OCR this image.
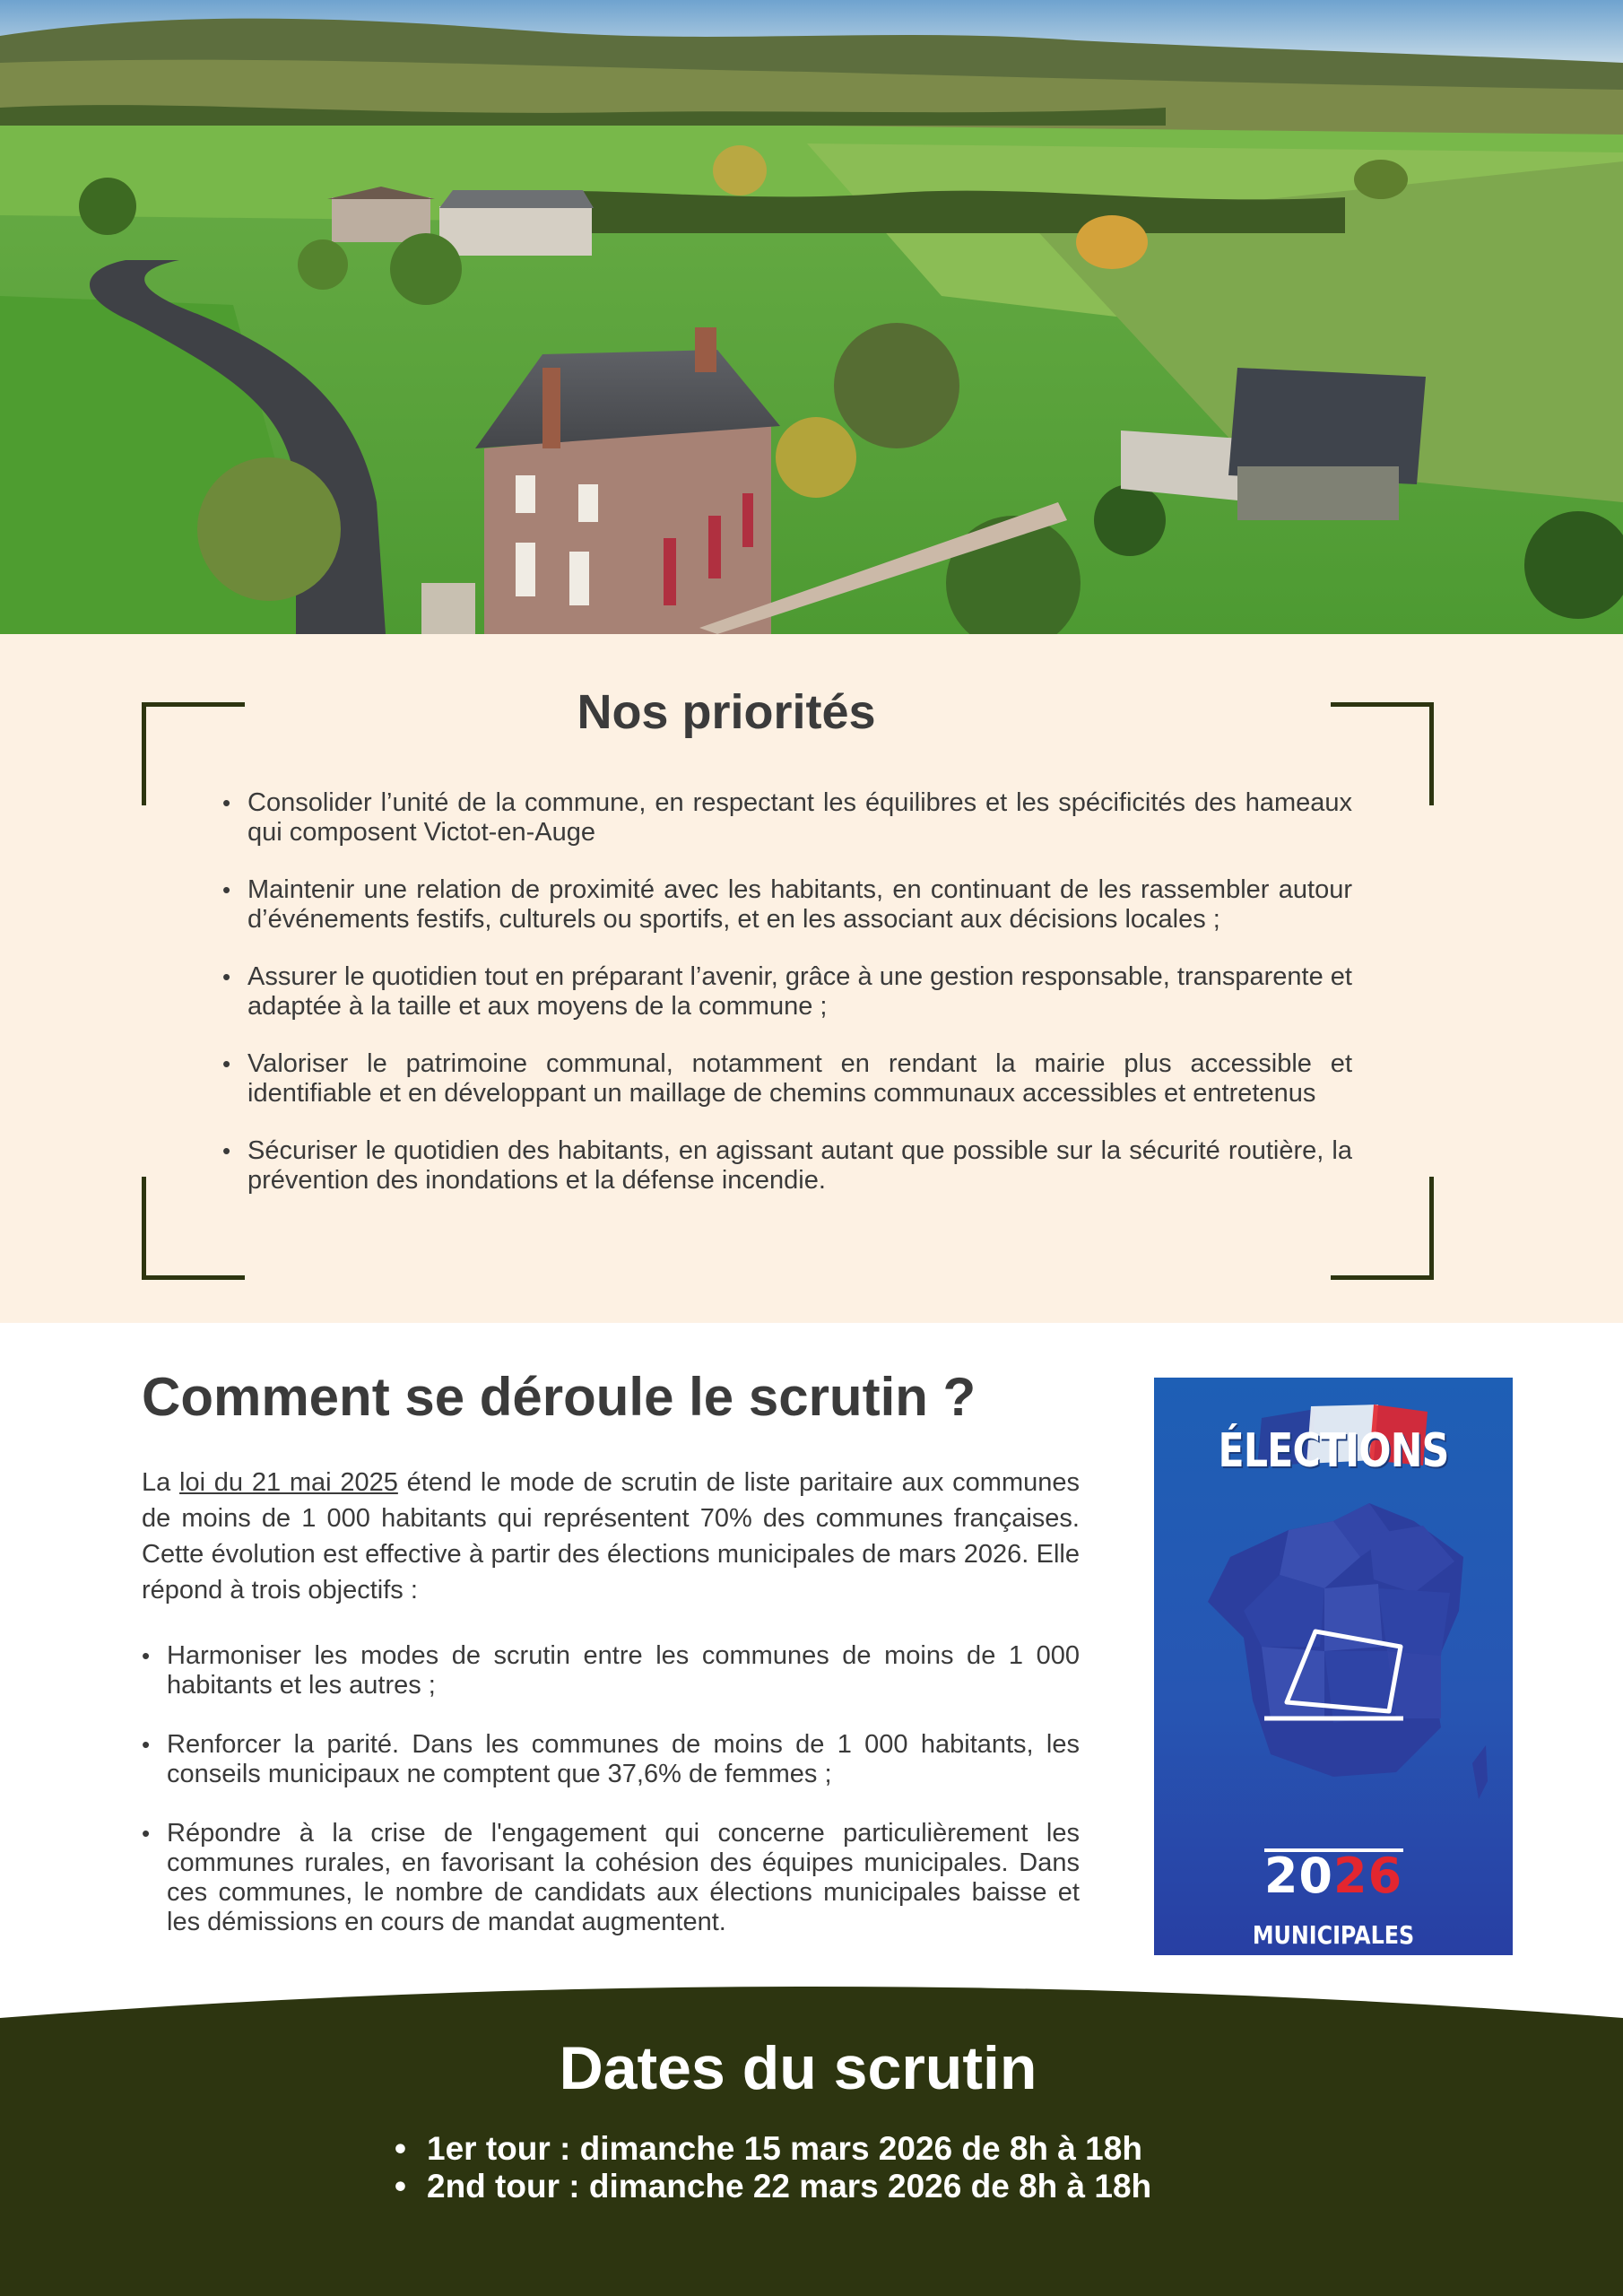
Nos priorités
• Consolider l’unité de la commune, en respectant les équilibres et les spécificités des hameaux qui composent Victot-en-Auge
• Maintenir une relation de proximité avec les habitants, en continuant de les rassembler autour d’événements festifs, culturels ou sportifs, et en les associant aux décisions locales ;
• Assurer le quotidien tout en préparant l’avenir, grâce à une gestion responsable, transparente et adaptée à la taille et aux moyens de la commune ;
• Valoriser le patrimoine communal, notamment en rendant la mairie plus accessible et identifiable et en développant un maillage de chemins communaux accessibles et entretenus
• Sécuriser le quotidien des habitants, en agissant autant que possible sur la sécurité routière, la prévention des inondations et la défense incendie.
Comment se déroule le scrutin ?

La loi du 21 mai 2025 étend le mode de scrutin de liste paritaire aux communes de moins de 1 000 habitants qui représentent 70% des communes françaises. Cette évolution est effective à partir des élections municipales de mars 2026. Elle répond à trois objectifs :

• Harmoniser les modes de scrutin entre les communes de moins de 1 000 habitants et les autres ;
• Renforcer la parité. Dans les communes de moins de 1 000 habitants, les conseils municipaux ne comptent que 37,6% de femmes ;
• Répondre à la crise de l'engagement qui concerne particulièrement les communes rurales, en favorisant la cohésion des équipes municipales. Dans ces communes, le nombre de candidats aux élections municipales baisse et les démissions en cours de mandat augmentent.
ÉLECTIONS
2026
MUNICIPALES
15-22 MARS
Dates du scrutin
• 1er tour : dimanche 15 mars 2026 de 8h à 18h
• 2nd tour : dimanche 22 mars 2026 de 8h à 18h
